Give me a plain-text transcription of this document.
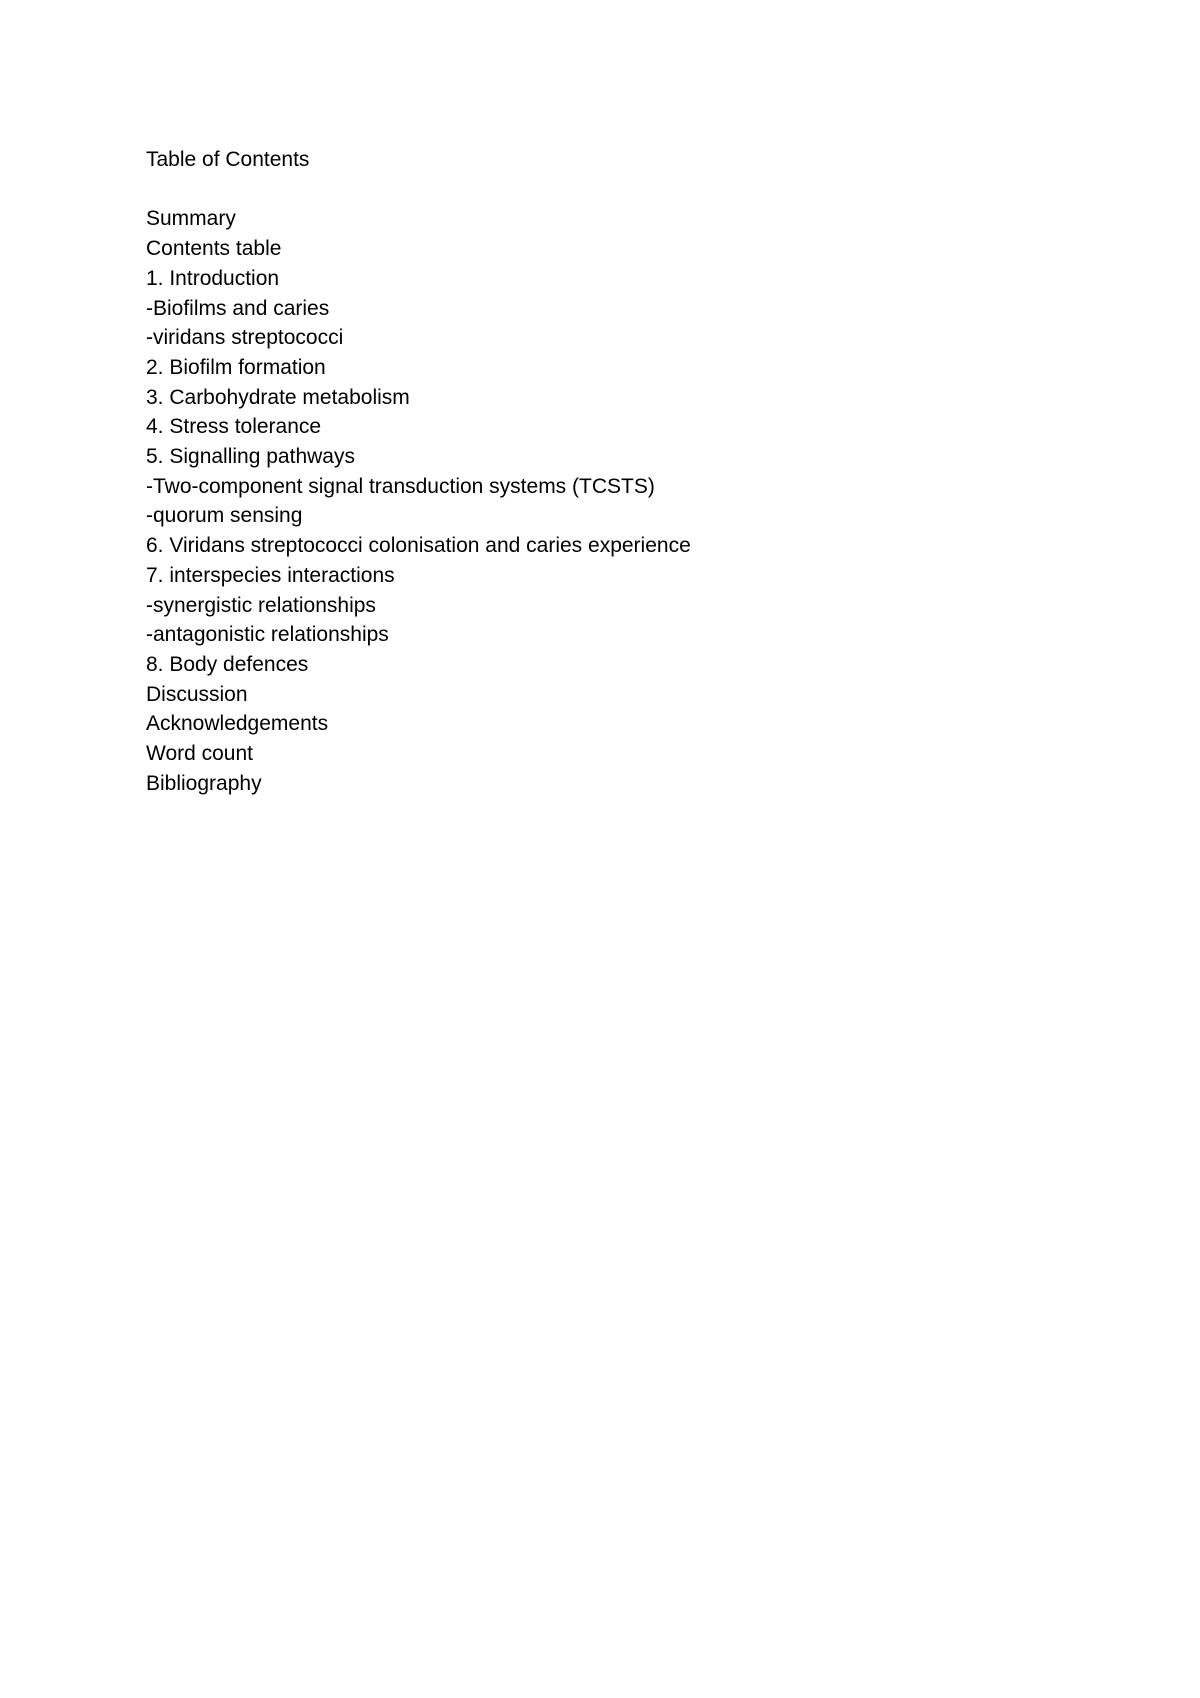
Table of Contents
Summary
Contents table
1. Introduction
-Biofilms and caries
-viridans streptococci
2. Biofilm formation
3. Carbohydrate metabolism
4. Stress tolerance
5. Signalling pathways
-Two-component signal transduction systems (TCSTS)
-quorum sensing
6. Viridans streptococci colonisation and caries experience
7. interspecies interactions
-synergistic relationships
-antagonistic relationships
8. Body defences
Discussion
Acknowledgements
Word count
Bibliography
